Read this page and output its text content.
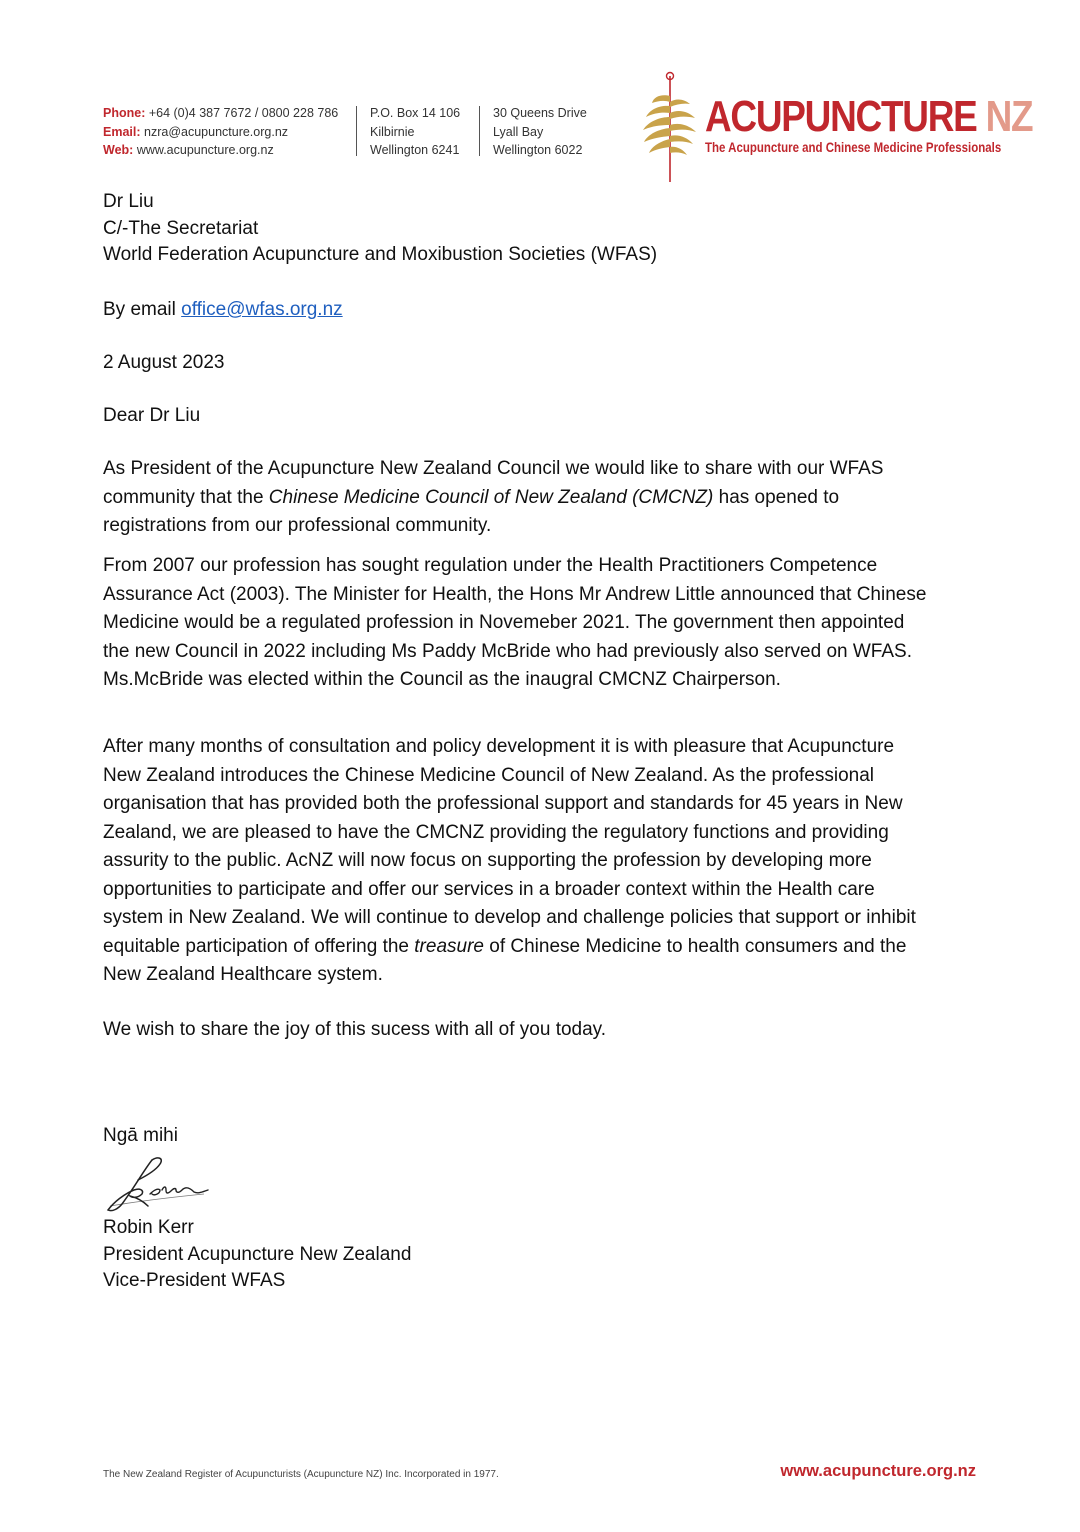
Phone: +64 (0)4 387 7672 / 0800 228 786
Email: nzra@acupuncture.org.nz
Web: www.acupuncture.org.nz
P.O. Box 14 106
Kilbirnie
Wellington 6241
30 Queens Drive
Lyall Bay
Wellington 6022
ACUPUNCTURE NZ
The Acupuncture and Chinese Medicine Professionals
Dr Liu
C/-The Secretariat
World Federation Acupuncture and Moxibustion Societies (WFAS)
By email office@wfas.org.nz
2 August 2023
Dear Dr Liu

As President of the Acupuncture New Zealand Council we would like to share with our WFAS community that the Chinese Medicine Council of New Zealand (CMCNZ) has opened to registrations from our professional community.

From 2007 our profession has sought regulation under the Health Practitioners Competence Assurance Act (2003). The Minister for Health, the Hons Mr Andrew Little announced that Chinese Medicine would be a regulated profession in Novemeber 2021. The government then appointed the new Council in 2022 including Ms Paddy McBride who had previously also served on WFAS. Ms.McBride was elected within the Council as the inaugral CMCNZ Chairperson.

After many months of consultation and policy development it is with pleasure that Acupuncture New Zealand introduces the Chinese Medicine Council of New Zealand. As the professional organisation that has provided both the professional support and standards for 45 years in New Zealand, we are pleased to have the CMCNZ providing the regulatory functions and providing assurity to the public. AcNZ will now focus on supporting the profession by developing more opportunities to participate and offer our services in a broader context within the Health care system in New Zealand. We will continue to develop and challenge policies that support or inhibit equitable participation of offering the treasure of Chinese Medicine to health consumers and the New Zealand Healthcare system.

We wish to share the joy of this sucess with all of you today.
Ngā mihi
Robin Kerr
President Acupuncture New Zealand
Vice-President WFAS
The New Zealand Register of Acupuncturists (Acupuncture NZ) Inc. Incorporated in 1977.	www.acupuncture.org.nz
